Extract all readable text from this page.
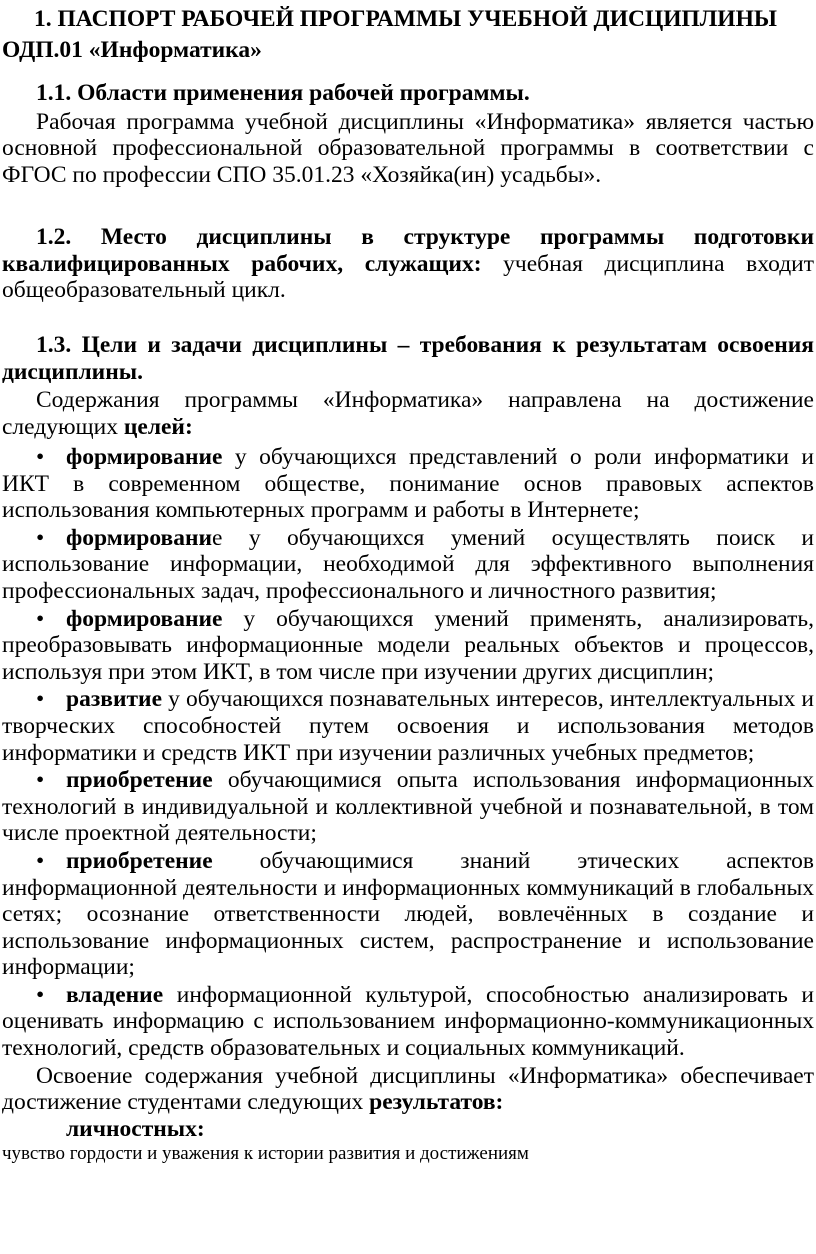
1. ПАСПОРТ РАБОЧЕЙ ПРОГРАММЫ УЧЕБНОЙ ДИСЦИПЛИНЫ
ОДП.01 «Информатика»
1.1. Области применения рабочей программы.
Рабочая программа учебной дисциплины «Информатика» является частью основной профессиональной образовательной программы в соответствии с ФГОС по профессии СПО 35.01.23 «Хозяйка(ин) усадьбы».
1.2. Место дисциплины в структуре программы подготовки квалифицированных рабочих, служащих: учебная дисциплина входит общеобразовательный цикл.
1.3. Цели и задачи дисциплины – требования к результатам освоения дисциплины.
Содержания программы «Информатика» направлена на достижение следующих целей:
• формирование у обучающихся представлений о роли информатики и ИКТ в современном обществе, понимание основ правовых аспектов использования компьютерных программ и работы в Интернете;
• формирование у обучающихся умений осуществлять поиск и использование информации, необходимой для эффективного выполнения профессиональных задач, профессионального и личностного развития;
• формирование у обучающихся умений применять, анализировать, преобразовывать информационные модели реальных объектов и процессов, используя при этом ИКТ, в том числе при изучении других дисциплин;
• развитие у обучающихся познавательных интересов, интеллектуальных и творческих способностей путем освоения и использования методов информатики и средств ИКТ при изучении различных учебных предметов;
• приобретение обучающимися опыта использования информационных технологий в индивидуальной и коллективной учебной и познавательной, в том числе проектной деятельности;
• приобретение обучающимися знаний этических аспектов информационной деятельности и информационных коммуникаций в глобальных сетях; осознание ответственности людей, вовлечённых в создание и использование информационных систем, распространение и использование информации;
• владение информационной культурой, способностью анализировать и оценивать информацию с использованием информационно-коммуникационных технологий, средств образовательных и социальных коммуникаций.
Освоение содержания учебной дисциплины «Информатика» обеспечивает достижение студентами следующих результатов:
личностных:
чувство гордости и уважения к истории развития и достижениям
